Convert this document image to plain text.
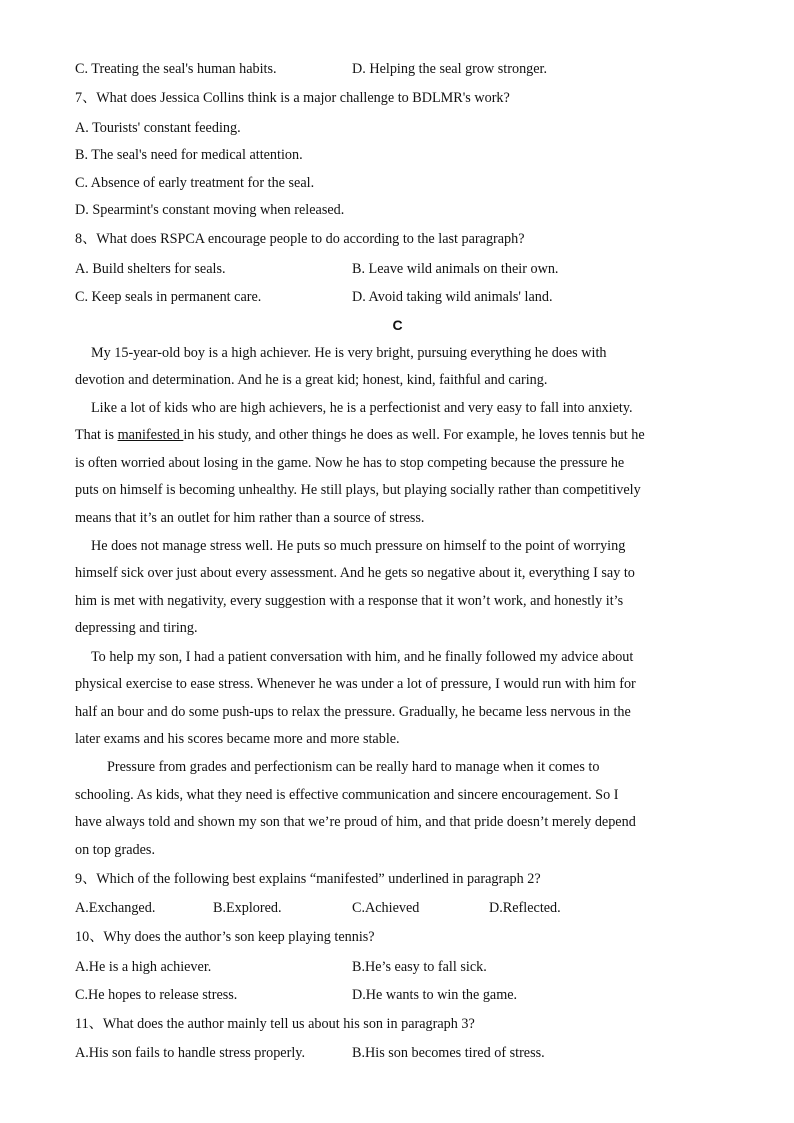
C. Treating the seal's human habits.	D. Helping the seal grow stronger.
7、What does Jessica Collins think is a major challenge to BDLMR's work?
A. Tourists' constant feeding.
B. The seal's need for medical attention.
C. Absence of early treatment for the seal.
D. Spearmint's constant moving when released.
8、What does RSPCA encourage people to do according to the last paragraph?
A. Build shelters for seals.	B. Leave wild animals on their own.
C. Keep seals in permanent care.	D. Avoid taking wild animals' land.
C
My 15-year-old boy is a high achiever. He is very bright, pursuing everything he does with
devotion and determination. And he is a great kid; honest, kind, faithful and caring.
Like a lot of kids who are high achievers, he is a perfectionist and very easy to fall into anxiety.
That is manifested in his study, and other things he does as well. For example, he loves tennis but he
is often worried about losing in the game. Now he has to stop competing because the pressure he
puts on himself is becoming unhealthy. He still plays, but playing socially rather than competitively
means that it’s an outlet for him rather than a source of stress.
He does not manage stress well. He puts so much pressure on himself to the point of worrying
himself sick over just about every assessment. And he gets so negative about it, everything I say to
him is met with negativity, every suggestion with a response that it won’t work, and honestly it’s
depressing and tiring.
To help my son, I had a patient conversation with him, and he finally followed my advice about
physical exercise to ease stress. Whenever he was under a lot of pressure, I would run with him for
half an bour and do some push-ups to relax the pressure. Gradually, he became less nervous in the
later exams and his scores became more and more stable.
Pressure from grades and perfectionism can be really hard to manage when it comes to
schooling. As kids, what they need is effective communication and sincere encouragement. So I
have always told and shown my son that we’re proud of him, and that pride doesn’t merely depend
on top grades.
9、Which of the following best explains “manifested” underlined in paragraph 2?
A.Exchanged.	B.Explored.	C.Achieved	D.Reflected.
10、Why does the author’s son keep playing tennis?
A.He is a high achiever.	B.He’s easy to fall sick.
C.He hopes to release stress.	D.He wants to win the game.
11、What does the author mainly tell us about his son in paragraph 3?
A.His son fails to handle stress properly.	B.His son becomes tired of stress.
